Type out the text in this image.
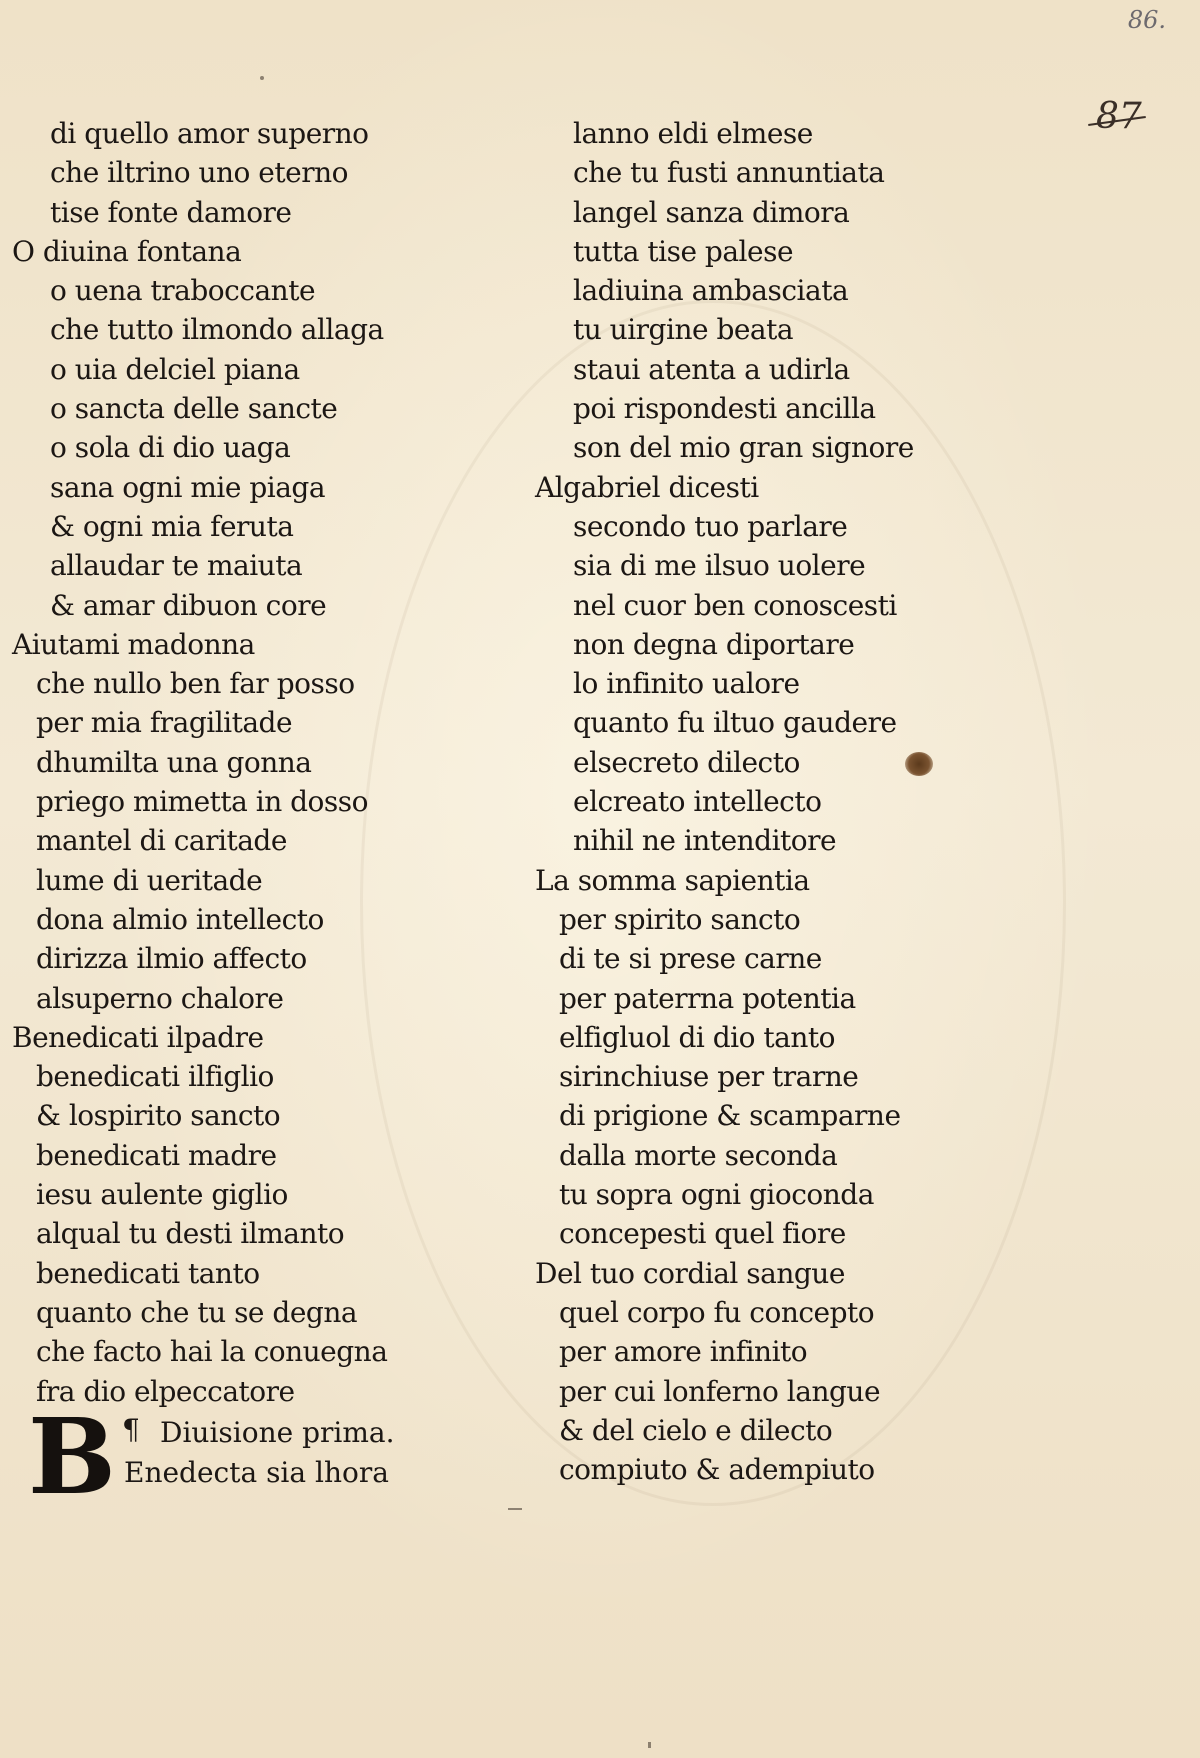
86.
87
di quello amor superno
che iltrino uno eterno
tise fonte damore
O diuina fontana
o uena traboccante
che tutto ilmondo allaga
o uia delciel piana
o sancta delle sancte
o sola di dio uaga
sana ogni mie piaga
& ogni mia feruta
allaudar te maiuta
& amar dibuon core
Aiutami madonna
che nullo ben far posso
per mia fragilitade
dhumilta una gonna
priego mimetta in dosso
mantel di caritade
lume di ueritade
dona almio intellecto
dirizza ilmio affecto
alsuperno chalore
Benedicati ilpadre
benedicati ilfiglio
& lospirito sancto
benedicati madre
iesu aulente giglio
alqual tu desti ilmanto
benedicati tanto
quanto che tu se degna
che facto hai la conuegna
fra dio elpeccatore
B ¶ Diuisione prima.
Enedecta sia lhora
lanno eldi elmese
che tu fusti annuntiata
langel sanza dimora
tutta tise palese
ladiuina ambasciata
tu uirgine beata
staui atenta a udirla
poi rispondesti ancilla
son del mio gran signore
Algabriel dicesti
secondo tuo parlare
sia di me ilsuo uolere
nel cuor ben conoscesti
non degna diportare
lo infinito ualore
quanto fu iltuo gaudere
elsecreto dilecto
elcreato intellecto
nihil ne intenditore
La somma sapientia
per spirito sancto
di te si prese carne
per paterrna potentia
elfigluol di dio tanto
sirinchiuse per trarne
di prigione & scamparne
dalla morte seconda
tu sopra ogni gioconda
concepesti quel fiore
Del tuo cordial sangue
quel corpo fu concepto
per amore infinito
per cui lonferno langue
& del cielo e dilecto
compiuto & adempiuto
